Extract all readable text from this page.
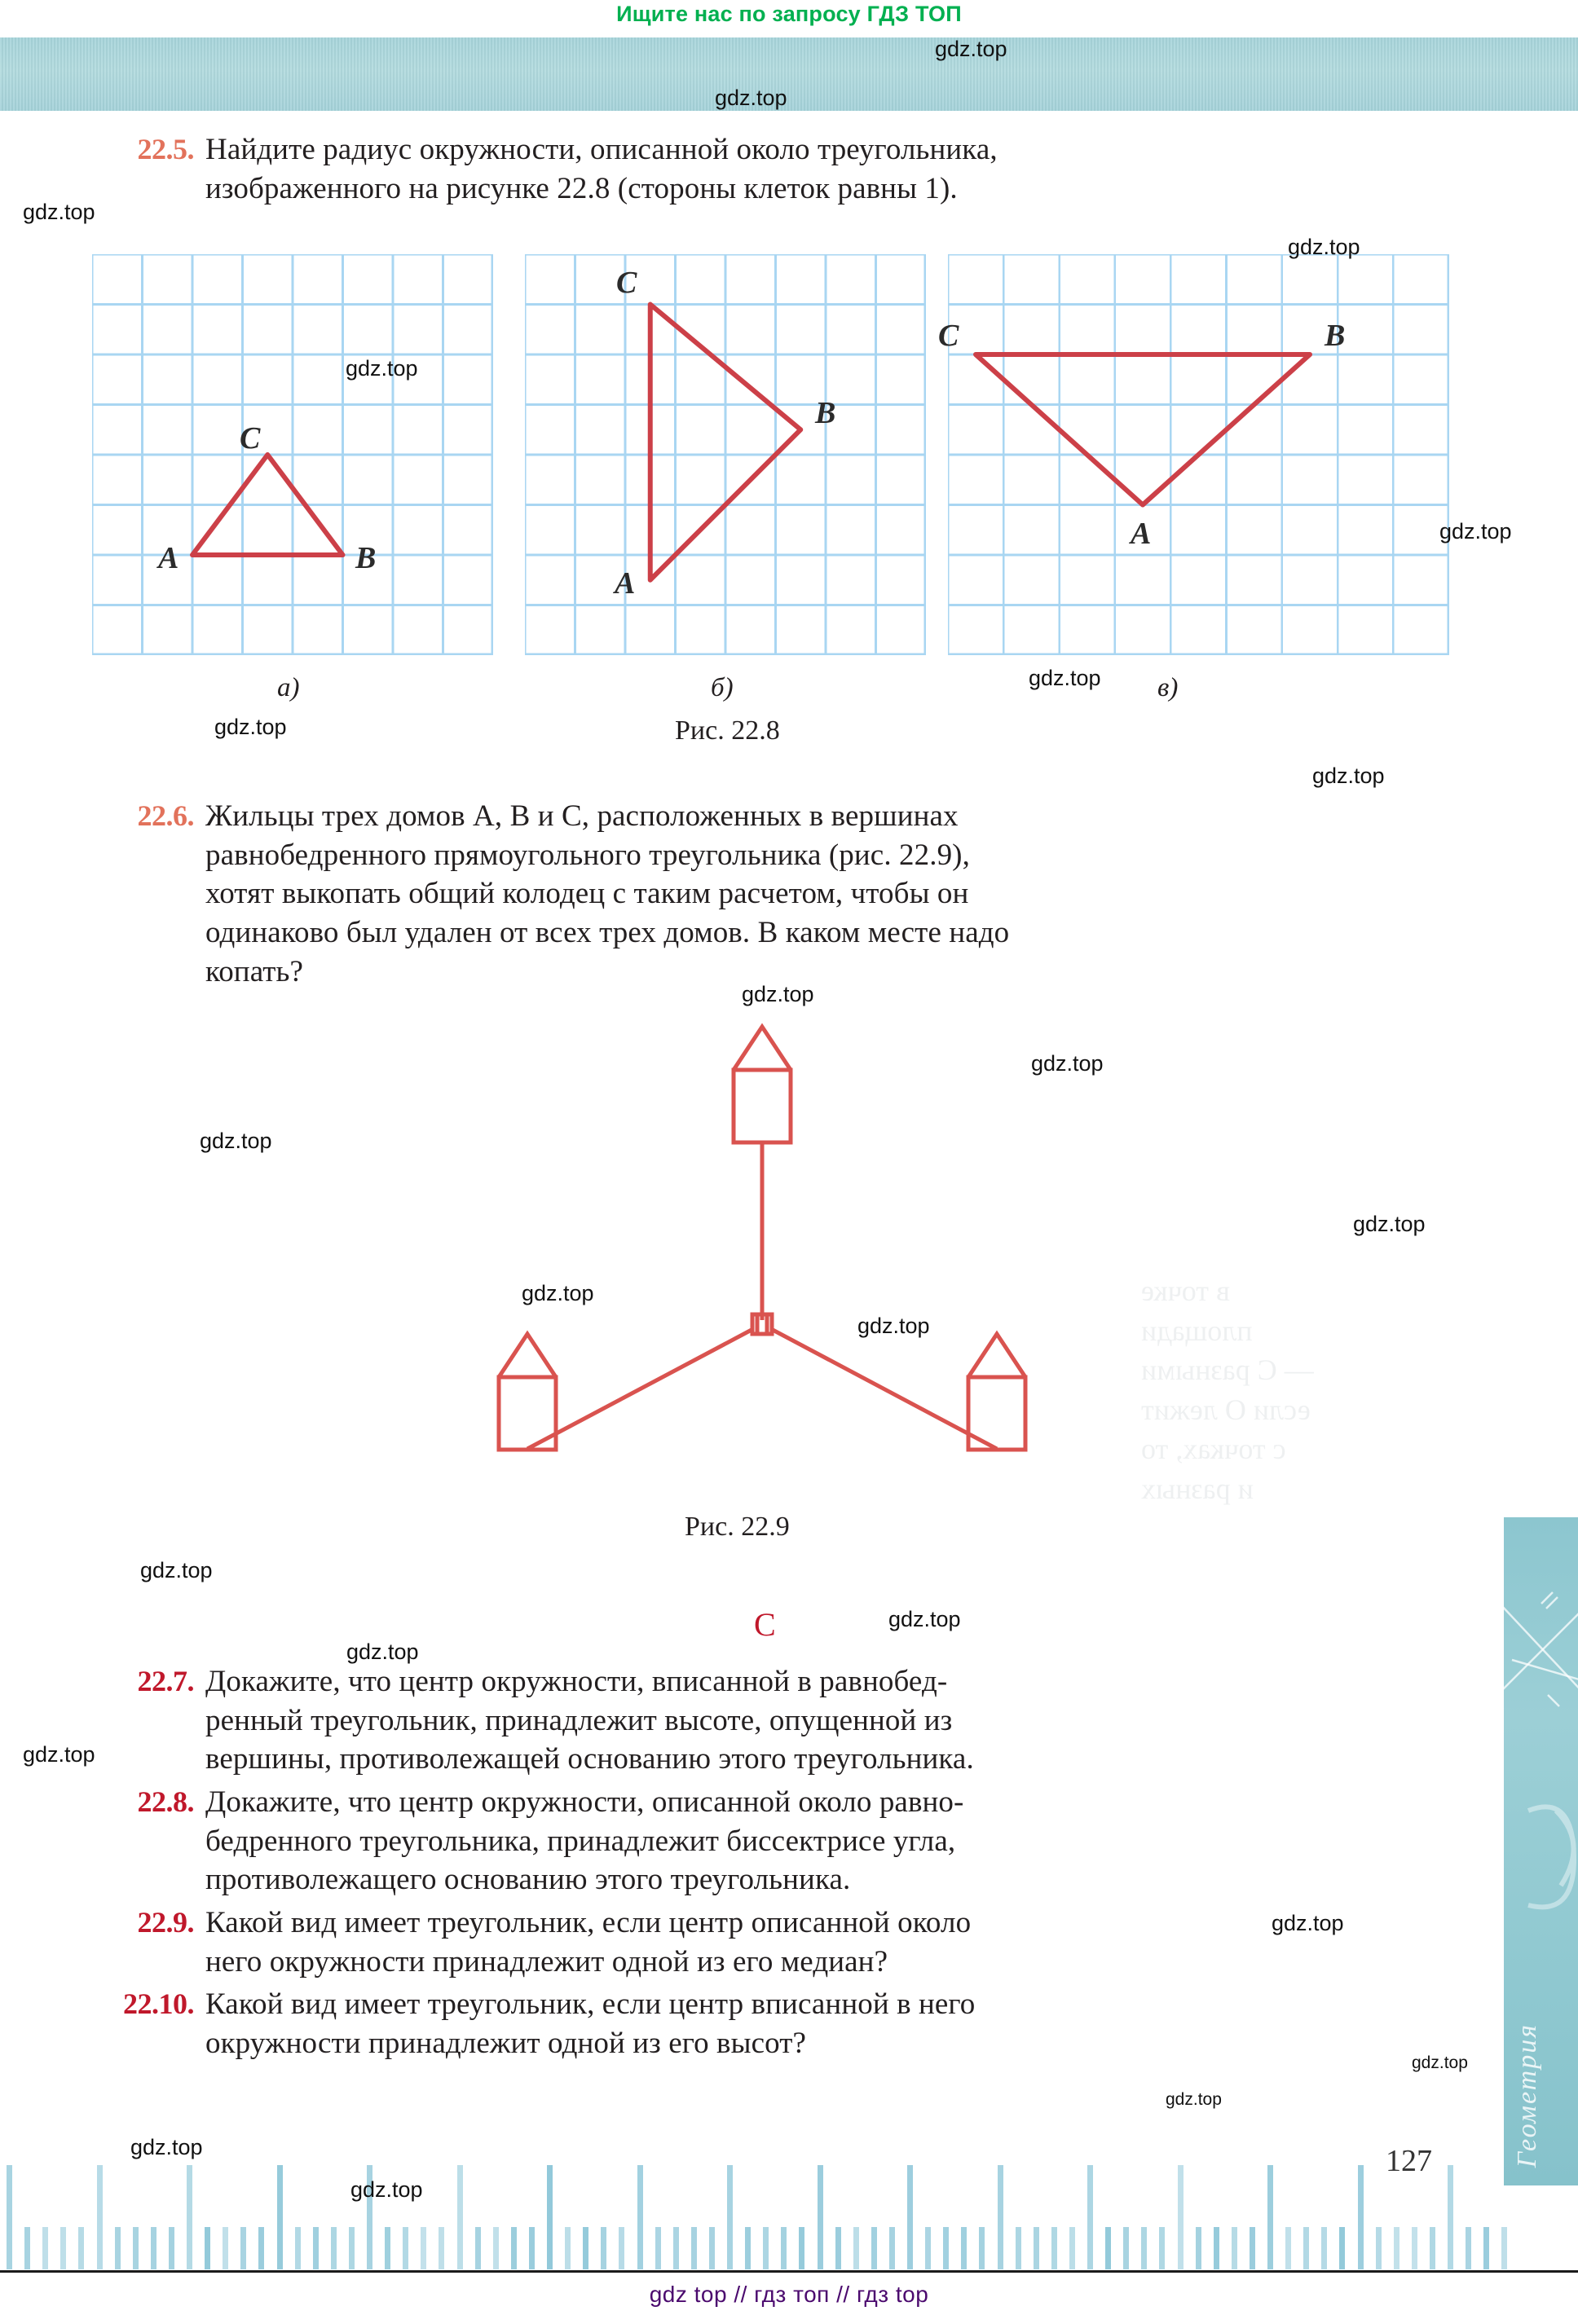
в точке
площади
— С разными
если О лежит
с точках, то
и разных
Ищите нас по запросу ГДЗ ТОП
22.5. Найдите радиус окружности, описанной около треугольника,
изображенного на рисунке 22.8 (стороны клеток равны 1).
A	B
C
а)
A
B
C
б)
A
B
C
в)
Рис. 22.8
22.6. Жильцы трех домов A, B и C, расположенных в вершинах
равнобедренного прямоугольного треугольника (рис. 22.9),
хотят выкопать общий колодец с таким расчетом, чтобы он
одинаково был удален от всех трех домов. В каком месте надо
копать?
Рис. 22.9
C
22.7. Докажите, что центр окружности, вписанной в равнобед-
ренный треугольник, принадлежит высоте, опущенной из
вершины, противолежащей основанию этого треугольника.
22.8. Докажите, что центр окружности, описанной около равно-
бедренного треугольника, принадлежит биссектрисе угла,
противолежащего основанию этого треугольника.
22.9. Какой вид имеет треугольник, если центр описанной около
него окружности принадлежит одной из его медиан?
22.10. Какой вид имеет треугольник, если центр вписанной в него
окружности принадлежит одной из его высот?
127	Геометрия
gdz top // гдз топ // гдз top
gdz.top
gdz.top
gdz.top
gdz.top
gdz.top
gdz.top
gdz.top
gdz.top
gdz.top
gdz.top
gdz.top
gdz.top
gdz.top
gdz.top
gdz.top
gdz.top
gdz.top
gdz.top
gdz.top
gdz.top
gdz.top
gdz.top
gdz.top
gdz.top
